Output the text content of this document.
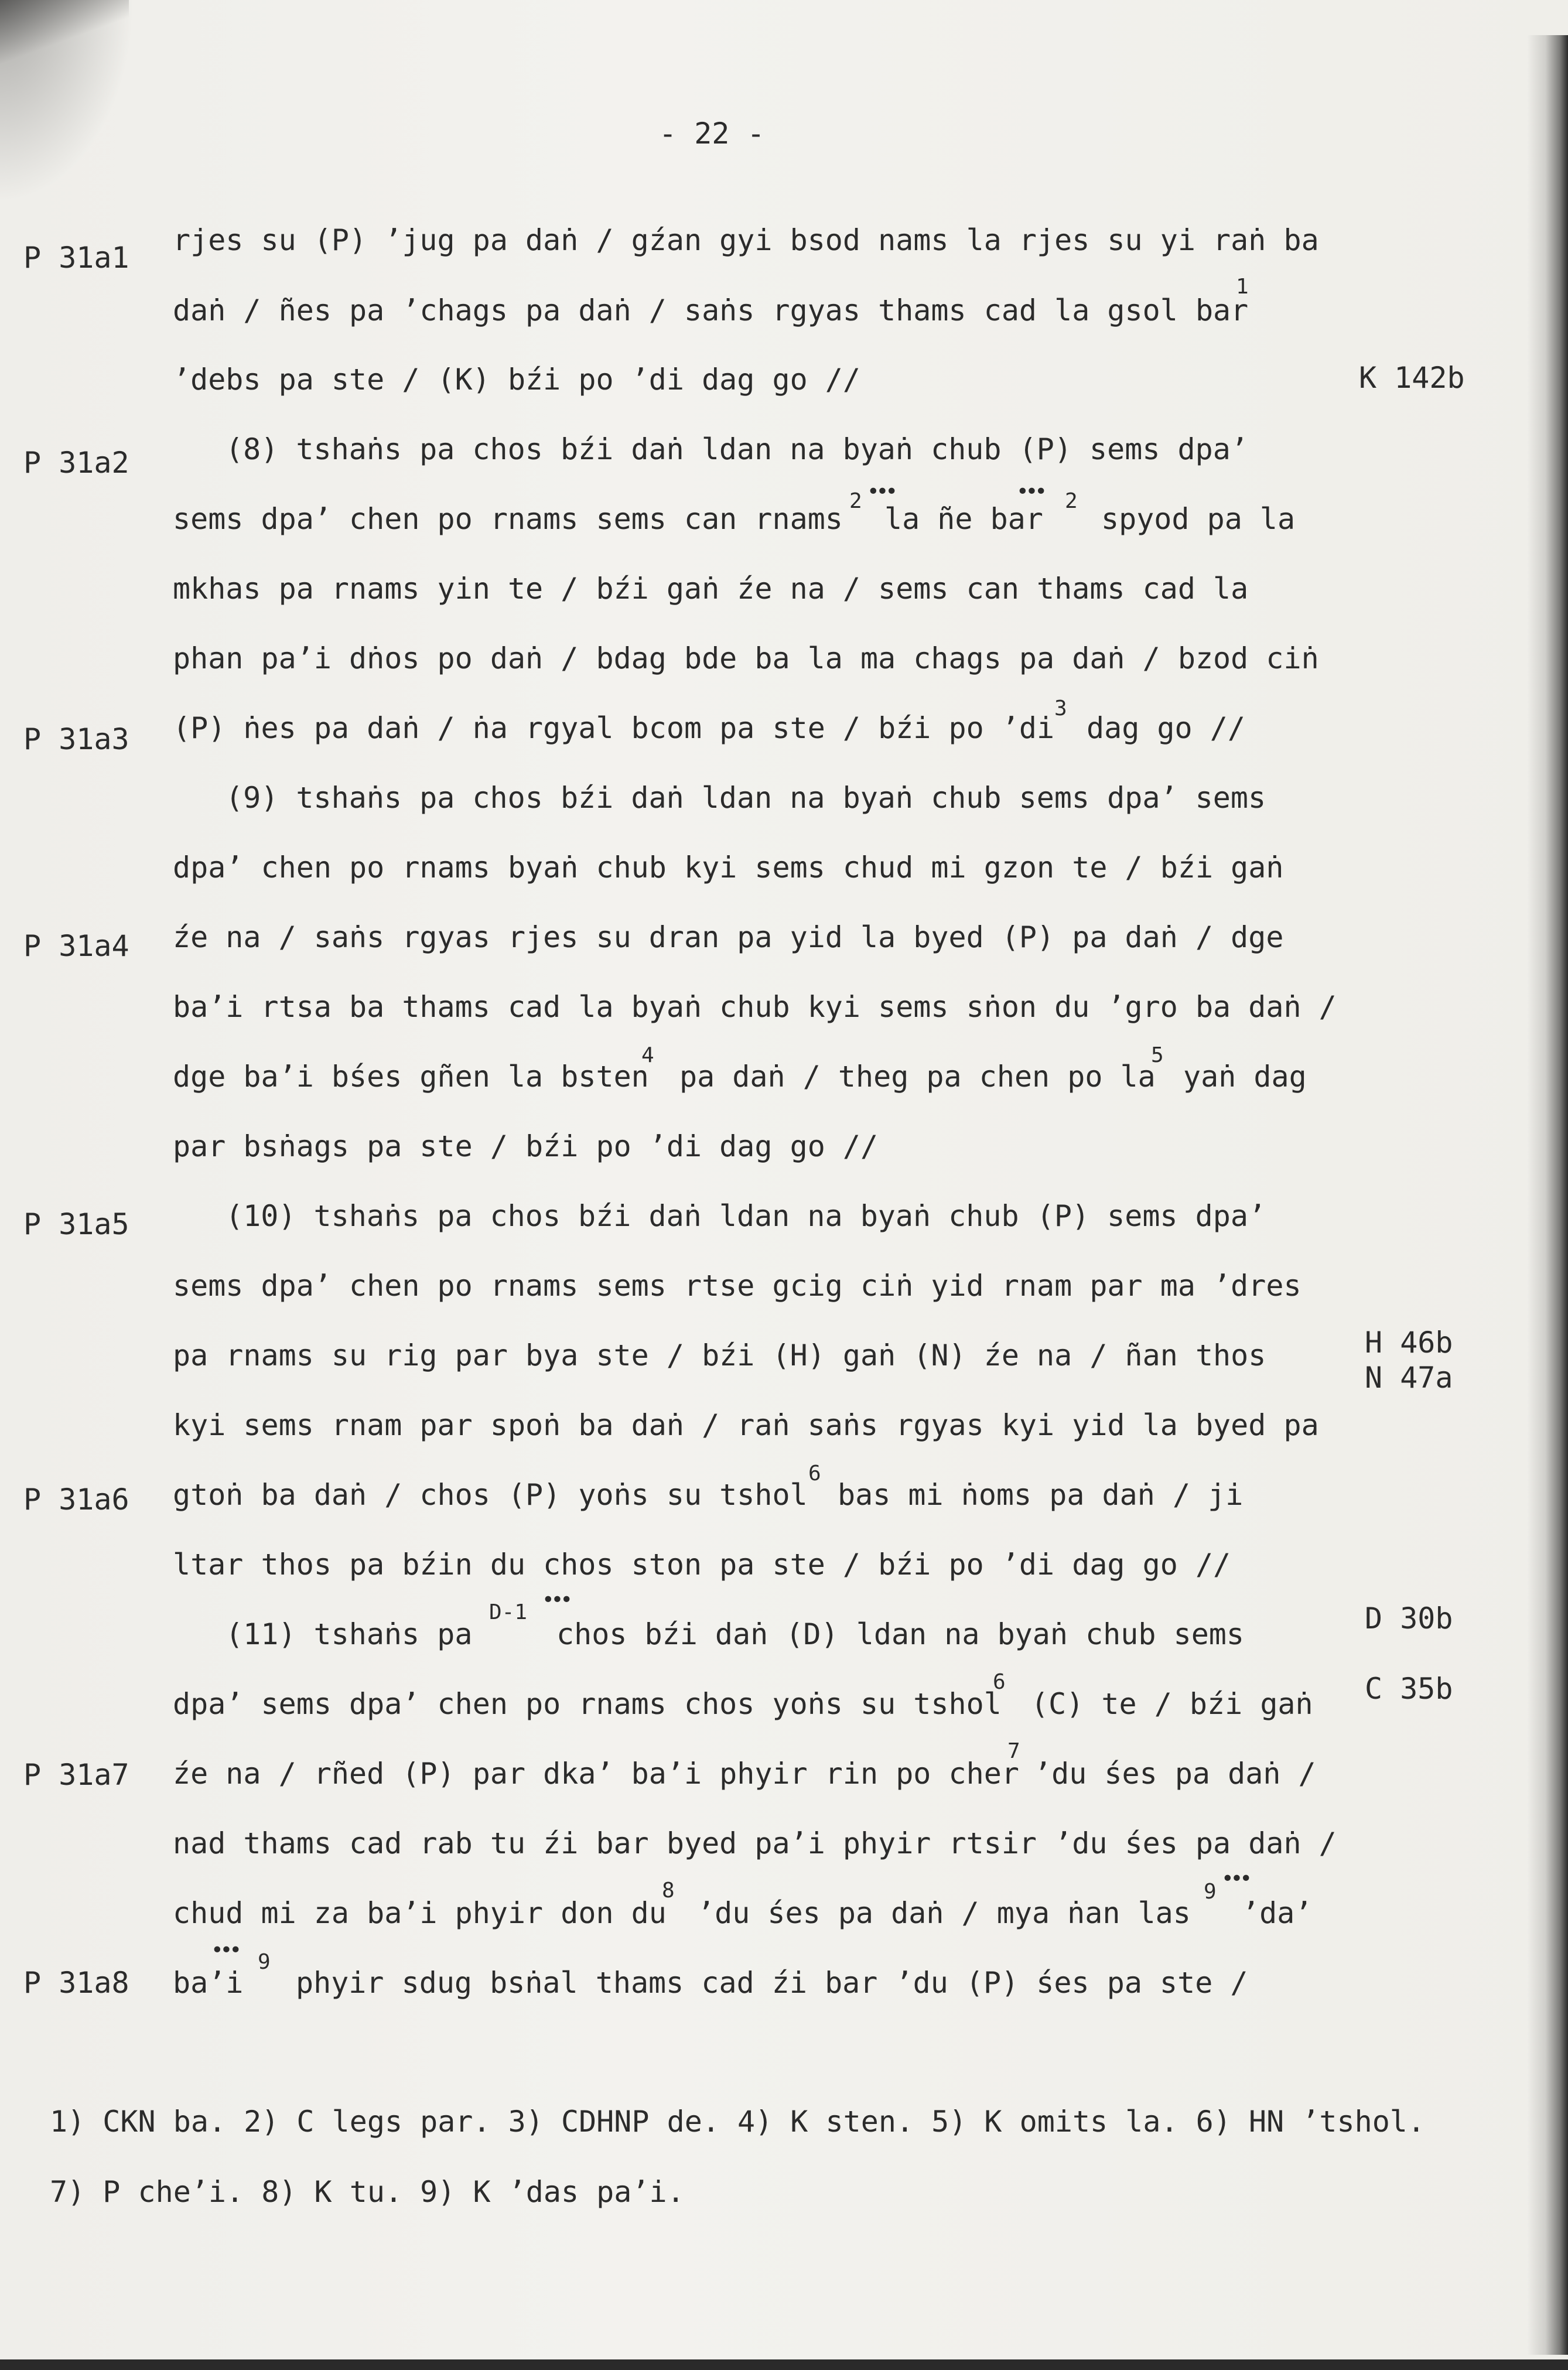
- 22 -
P 31a1
P 31a2
P 31a3
P 31a4
P 31a5
P 31a6
P 31a7
P 31a8
K 142b
H 46b
N 47a
D 30b
C 35b
rjes su (P) ʼjug pa daṅ / gźan gyi bsod nams la rjes su yi raṅ ba
daṅ / ñes pa ʼchags pa daṅ / saṅs rgyas thams cad la gsol bar
1
ʼdebs pa ste / (K) bźi po ʼdi dag go //
(8) tshaṅs pa chos bźi daṅ ldan na byaṅ chub (P) sems dpaʼ
sems dpaʼ chen po rnams sems can rnams
2 •••
la ñe bar
••• 2
spyod pa la
mkhas pa rnams yin te / bźi gaṅ źe na / sems can thams cad la
phan paʼi dṅos po daṅ / bdag bde ba la ma chags pa daṅ / bzod ciṅ
(P) ṅes pa daṅ / ṅa rgyal bcom pa ste / bźi po ʼdi
3
dag go //
(9) tshaṅs pa chos bźi daṅ ldan na byaṅ chub sems dpaʼ sems
dpaʼ chen po rnams byaṅ chub kyi sems chud mi gzon te / bźi gaṅ
źe na / saṅs rgyas rjes su dran pa yid la byed (P) pa daṅ / dge
baʼi rtsa ba thams cad la byaṅ chub kyi sems sṅon du ʼgro ba daṅ /
dge baʼi bśes gñen la bsten
4
pa daṅ / theg pa chen po la
5
yaṅ dag
par bsṅags pa ste / bźi po ʼdi dag go //
(10) tshaṅs pa chos bźi daṅ ldan na byaṅ chub (P) sems dpaʼ
sems dpaʼ chen po rnams sems rtse gcig ciṅ yid rnam par ma ʼdres
pa rnams su rig par bya ste / bźi (H) gaṅ (N) źe na / ñan thos
kyi sems rnam par spoṅ ba daṅ / raṅ saṅs rgyas kyi yid la byed pa
gtoṅ ba daṅ / chos (P) yoṅs su tshol
6
bas mi ṅoms pa daṅ / ji
ltar thos pa bźin du chos ston pa ste / bźi po ʼdi dag go //
(11) tshaṅs pa
D-1
•••
chos bźi daṅ (D) ldan na byaṅ chub sems
dpaʼ sems dpaʼ chen po rnams chos yoṅs su tshol
6
(C) te / bźi gaṅ
źe na / rñed (P) par dkaʼ baʼi phyir rin po cher
7
ʼdu śes pa daṅ /
nad thams cad rab tu źi bar byed paʼi phyir rtsir ʼdu śes pa daṅ /
chud mi za baʼi phyir don du
8
ʼdu śes pa daṅ / mya ṅan las
9
•••
ʼdaʼ
•••
baʼi
9
phyir sdug bsṅal thams cad źi bar ʼdu (P) śes pa ste /
1) CKN ba. 2) C legs par. 3) CDHNP de. 4) K sten. 5) K omits la. 6) HN ʼtshol.
7) P cheʼi. 8) K tu. 9) K ʼdas paʼi.
